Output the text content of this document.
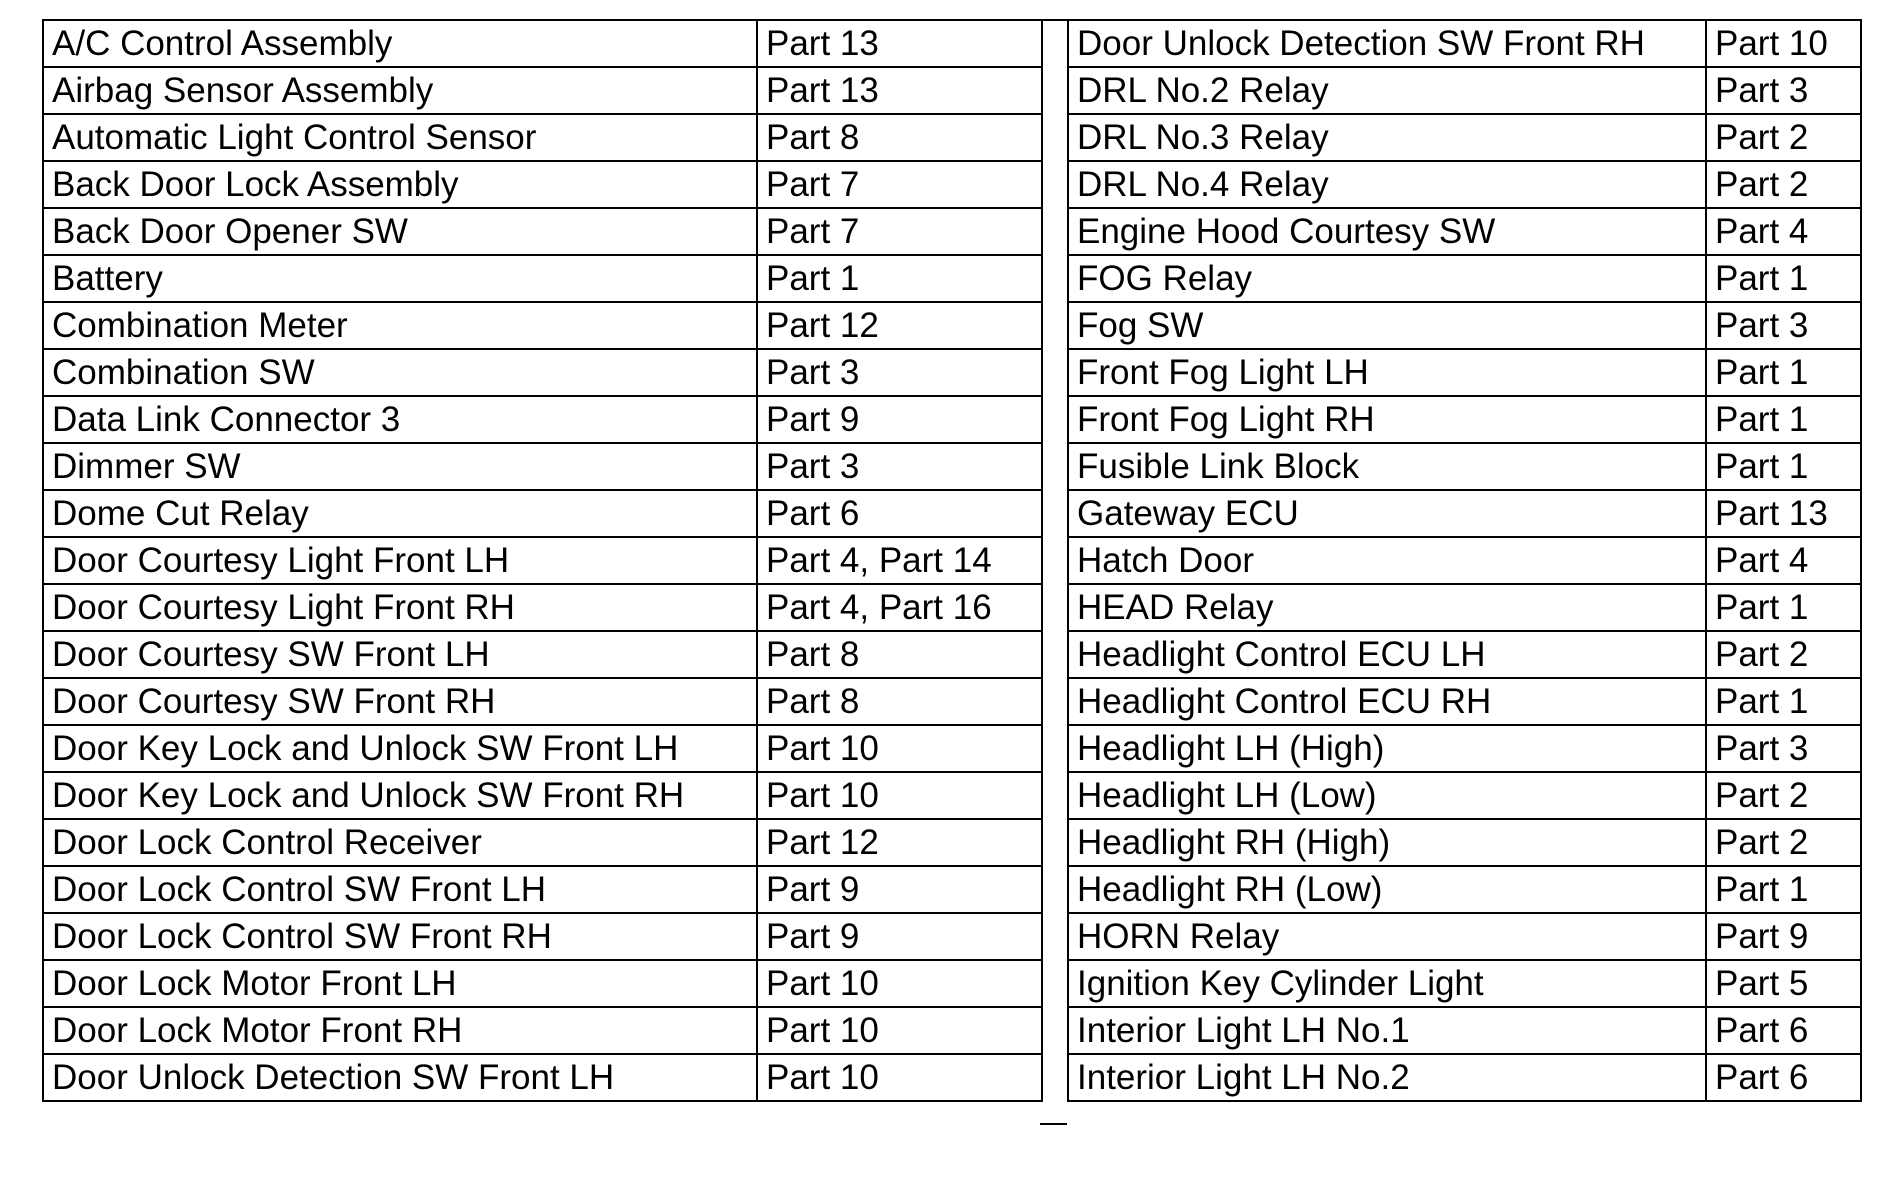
A/C Control Assembly	Part 13
Airbag Sensor Assembly	Part 13
Automatic Light Control Sensor	Part 8
Back Door Lock Assembly	Part 7
Back Door Opener SW	Part 7
Battery	Part 1
Combination Meter	Part 12
Combination SW	Part 3
Data Link Connector 3	Part 9
Dimmer SW	Part 3
Dome Cut Relay	Part 6
Door Courtesy Light Front LH	Part 4, Part 14
Door Courtesy Light Front RH	Part 4, Part 16
Door Courtesy SW Front LH	Part 8
Door Courtesy SW Front RH	Part 8
Door Key Lock and Unlock SW Front LH	Part 10
Door Key Lock and Unlock SW Front RH	Part 10
Door Lock Control Receiver	Part 12
Door Lock Control SW Front LH	Part 9
Door Lock Control SW Front RH	Part 9
Door Lock Motor Front LH	Part 10
Door Lock Motor Front RH	Part 10
Door Unlock Detection SW Front LH	Part 10
Door Unlock Detection SW Front RH	Part 10
DRL No.2 Relay	Part 3
DRL No.3 Relay	Part 2
DRL No.4 Relay	Part 2
Engine Hood Courtesy SW	Part 4
FOG Relay	Part 1
Fog SW	Part 3
Front Fog Light LH	Part 1
Front Fog Light RH	Part 1
Fusible Link Block	Part 1
Gateway ECU	Part 13
Hatch Door	Part 4
HEAD Relay	Part 1
Headlight Control ECU LH	Part 2
Headlight Control ECU RH	Part 1
Headlight LH (High)	Part 3
Headlight LH (Low)	Part 2
Headlight RH (High)	Part 2
Headlight RH (Low)	Part 1
HORN Relay	Part 9
Ignition Key Cylinder Light	Part 5
Interior Light LH No.1	Part 6
Interior Light LH No.2	Part 6
